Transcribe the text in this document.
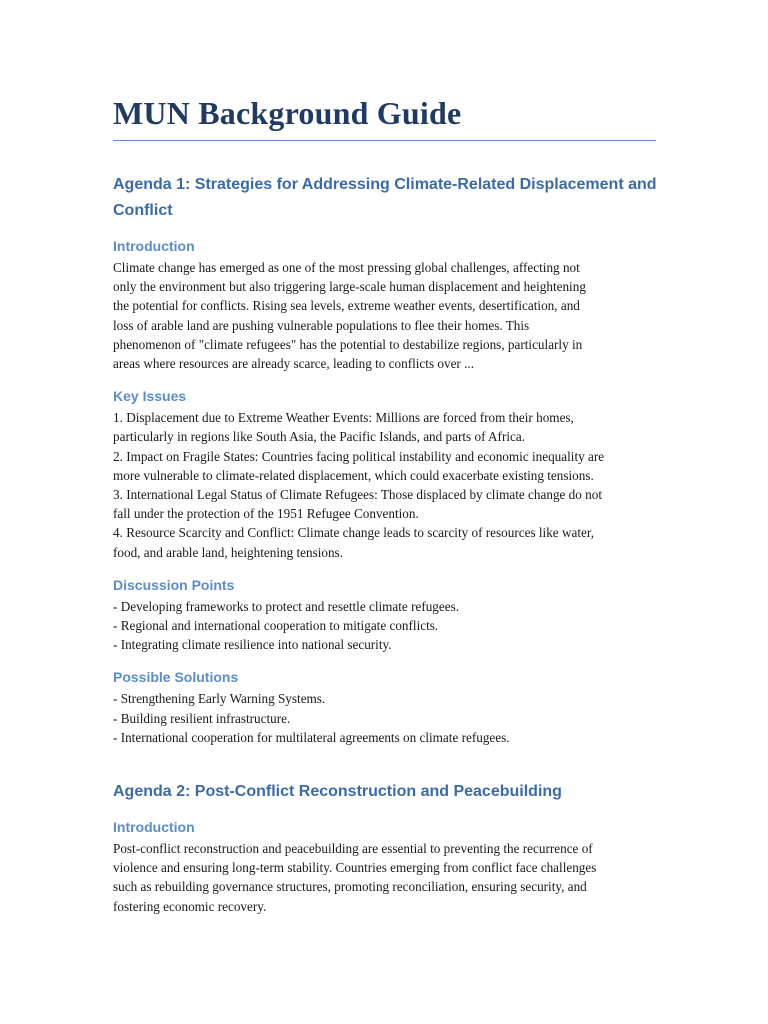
MUN Background Guide
Agenda 1: Strategies for Addressing Climate-Related Displacement and
Conflict
Introduction

Climate change has emerged as one of the most pressing global challenges, affecting not
only the environment but also triggering large-scale human displacement and heightening
the potential for conflicts. Rising sea levels, extreme weather events, desertification, and
loss of arable land are pushing vulnerable populations to flee their homes. This
phenomenon of "climate refugees" has the potential to destabilize regions, particularly in
areas where resources are already scarce, leading to conflicts over ...

Key Issues

1. Displacement due to Extreme Weather Events: Millions are forced from their homes,
particularly in regions like South Asia, the Pacific Islands, and parts of Africa.
2. Impact on Fragile States: Countries facing political instability and economic inequality are
more vulnerable to climate-related displacement, which could exacerbate existing tensions.
3. International Legal Status of Climate Refugees: Those displaced by climate change do not
fall under the protection of the 1951 Refugee Convention.
4. Resource Scarcity and Conflict: Climate change leads to scarcity of resources like water,
food, and arable land, heightening tensions.

Discussion Points

- Developing frameworks to protect and resettle climate refugees.
- Regional and international cooperation to mitigate conflicts.
- Integrating climate resilience into national security.

Possible Solutions

- Strengthening Early Warning Systems.
- Building resilient infrastructure.
- International cooperation for multilateral agreements on climate refugees.

Agenda 2: Post-Conflict Reconstruction and Peacebuilding
Introduction

Post-conflict reconstruction and peacebuilding are essential to preventing the recurrence of
violence and ensuring long-term stability. Countries emerging from conflict face challenges
such as rebuilding governance structures, promoting reconciliation, ensuring security, and
fostering economic recovery.
